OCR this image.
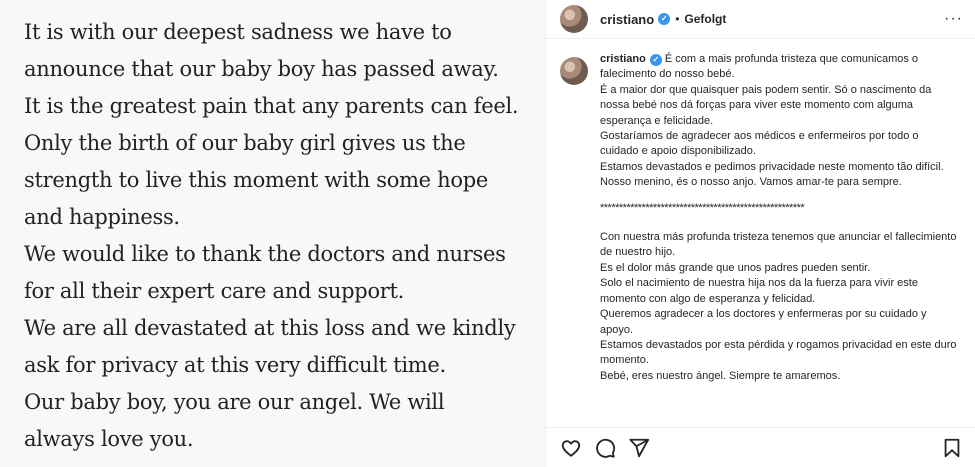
It is with our deepest sadness we have to
announce that our baby boy has passed away.
It is the greatest pain that any parents can feel.
Only the birth of our baby girl gives us the
strength to live this moment with some hope
and happiness.
We would like to thank the doctors and nurses
for all their expert care and support.
We are all devastated at this loss and we kindly
ask for privacy at this very difficult time.
Our baby boy, you are our angel. We will
always love you.
cristiano ✓ • Gefolgt	···

cristiano ✓ É com a mais profunda tristeza que comunicamos o falecimento do nosso bebé.

É a maior dor que quaisquer pais podem sentir. Só o nascimento da nossa bebé nos dá forças para viver este momento com alguma esperança e felicidade.

Gostaríamos de agradecer aos médicos e enfermeiros por todo o cuidado e apoio disponibilizado.

Estamos devastados e pedimos privacidade neste momento tão difícil.

Nosso menino, és o nosso anjo. Vamos amar-te para sempre.

******************************************************

Con nuestra más profunda tristeza tenemos que anunciar el fallecimiento de nuestro hijo.

Es el dolor más grande que unos padres pueden sentir.

Solo el nacimiento de nuestra hija nos da la fuerza para vivir este momento con algo de esperanza y felicidad.

Queremos agradecer a los doctores y enfermeras por su cuidado y apoyo.

Estamos devastados por esta pérdida y rogamos privacidad en este duro momento.

Bebé, eres nuestro ángel. Siempre te amaremos.
